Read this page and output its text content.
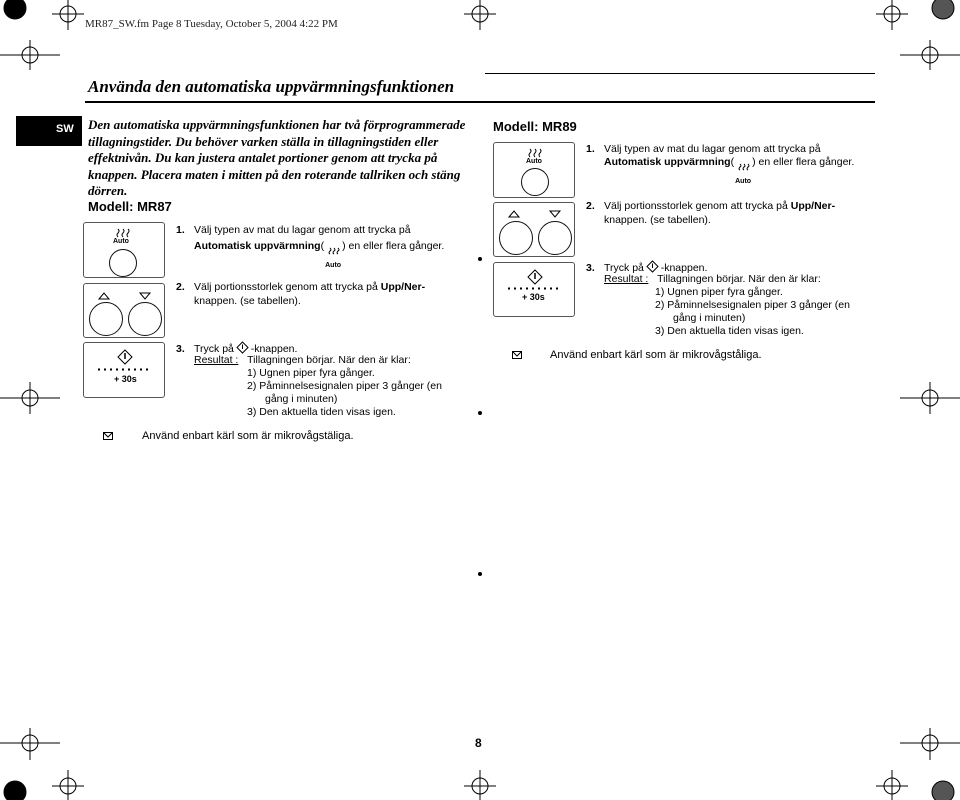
MR87_SW.fm Page 8 Tuesday, October 5, 2004 4:22 PM
Använda den automatiska uppvärmningsfunktionen
SW	Den automatiska uppvärmningsfunktionen har två förprogrammerade
tillagningstider. Du behöver varken ställa in tillagningstiden eller
effektnivån. Du kan justera antalet portioner genom att trycka på
knappen. Placera maten i mitten på den roterande tallriken och stäng
dörren.
Modell: MR87
Auto
+ 30s
1. Välj typen av mat du lagar genom att trycka på
Automatisk uppvärmning(
Auto
) en eller flera gånger.
2. Välj portionsstorlek genom att trycka på Upp/Ner-
knappen. (se tabellen).
3. Tryck på  -knappen.
Resultat : Tillagningen börjar. När den är klar:
1) Ugnen piper fyra gånger.
2) Påminnelsesignalen piper 3 gånger (en
gång i minuten)
3) Den aktuella tiden visas igen.
Använd enbart kärl som är mikrovågstäliga.
Modell: MR89
Auto
+ 30s
1. Välj typen av mat du lagar genom att trycka på
Automatisk uppvärmning(
Auto
) en eller flera gånger.
2. Välj portionsstorlek genom att trycka på Upp/Ner-
knappen. (se tabellen).
3. Tryck på  -knappen.
Resultat : Tillagningen börjar. När den är klar:
1) Ugnen piper fyra gånger.
2) Påminnelsesignalen piper 3 gånger (en
gång i minuten)
3) Den aktuella tiden visas igen.
Använd enbart kärl som är mikrovågståliga.
8
